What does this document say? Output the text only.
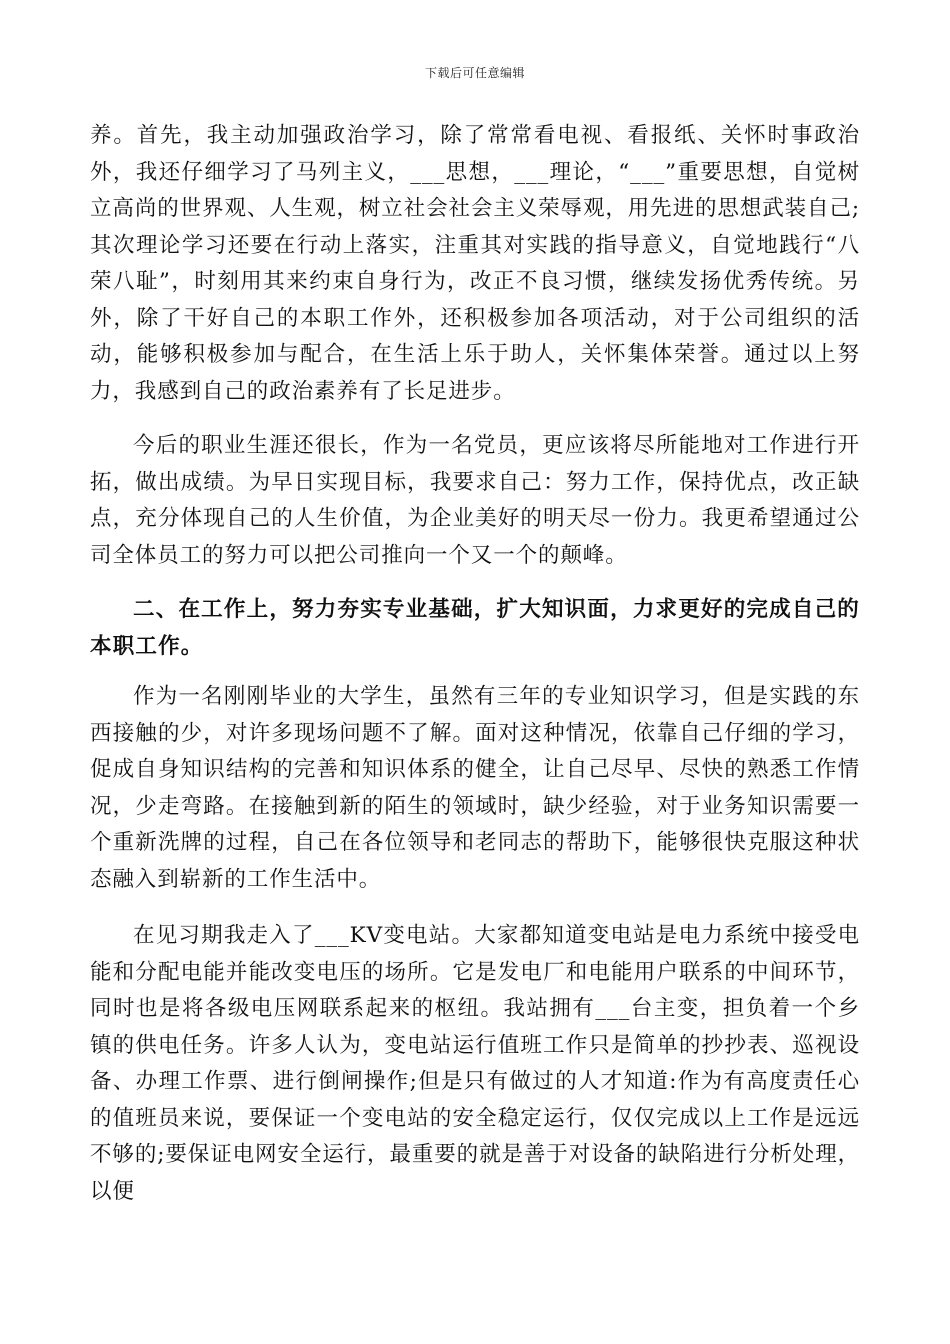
下载后可任意编辑

养。首先，我主动加强政治学习，除了常常看电视、看报纸、关怀时事政治外，我还仔细学习了马列主义，___思想，___理论，“___”重要思想，自觉树立高尚的世界观、人生观，树立社会社会主义荣辱观，用先进的思想武装自己;其次理论学习还要在行动上落实，注重其对实践的指导意义，自觉地践行“八荣八耻”，时刻用其来约束自身行为，改正不良习惯，继续发扬优秀传统。另外，除了干好自己的本职工作外，还积极参加各项活动，对于公司组织的活动，能够积极参加与配合，在生活上乐于助人，关怀集体荣誉。通过以上努力，我感到自己的政治素养有了长足进步。

今后的职业生涯还很长，作为一名党员，更应该将尽所能地对工作进行开拓，做出成绩。为早日实现目标，我要求自己：努力工作，保持优点，改正缺点，充分体现自己的人生价值，为企业美好的明天尽一份力。我更希望通过公司全体员工的努力可以把公司推向一个又一个的颠峰。

二、在工作上，努力夯实专业基础，扩大知识面，力求更好的完成自己的本职工作。

作为一名刚刚毕业的大学生，虽然有三年的专业知识学习，但是实践的东西接触的少，对许多现场问题不了解。面对这种情况，依靠自己仔细的学习，促成自身知识结构的完善和知识体系的健全，让自己尽早、尽快的熟悉工作情况，少走弯路。在接触到新的陌生的领域时，缺少经验，对于业务知识需要一个重新洗牌的过程，自己在各位领导和老同志的帮助下，能够很快克服这种状态融入到崭新的工作生活中。

在见习期我走入了___KV变电站。大家都知道变电站是电力系统中接受电能和分配电能并能改变电压的场所。它是发电厂和电能用户联系的中间环节，同时也是将各级电压网联系起来的枢纽。我站拥有___台主变，担负着一个乡镇的供电任务。许多人认为，变电站运行值班工作只是简单的抄抄表、巡视设备、办理工作票、进行倒闸操作;但是只有做过的人才知道:作为有高度责任心的值班员来说，要保证一个变电站的安全稳定运行，仅仅完成以上工作是远远不够的;要保证电网安全运行，最重要的就是善于对设备的缺陷进行分析处理，以便
